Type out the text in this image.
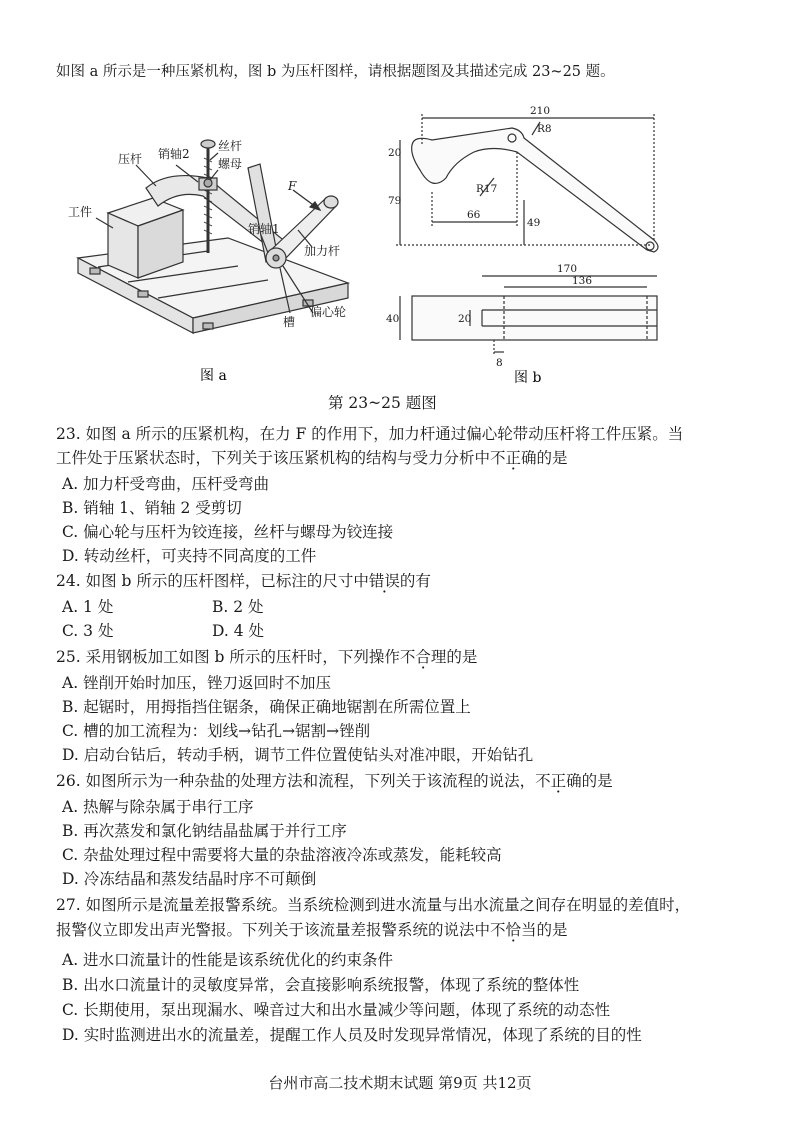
如图 a 所示是一种压紧机构，图 b 为压杆图样，请根据题图及其描述完成 23~25 题。
压杆 销轴2
丝杆
螺母
F
工件
销轴1
加力杆
槽
偏心轮
图 a
210
R8
20
79
R17
66
49
170
136
40	20
8
图 b
第 23~25 题图
23. 如图 a 所示的压紧机构，在力 F 的作用下，加力杆通过偏心轮带动压杆将工件压紧。当
工件处于压紧状态时，下列关于该压紧机构的结构与受力分析中不正确的是
A. 加力杆受弯曲，压杆受弯曲
B. 销轴 1、销轴 2 受剪切
C. 偏心轮与压杆为铰连接，丝杆与螺母为铰连接
D. 转动丝杆，可夹持不同高度的工件
24. 如图 b 所示的压杆图样，已标注的尺寸中错误的有
A. 1 处	B. 2 处
C. 3 处	D. 4 处
25. 采用钢板加工如图 b 所示的压杆时，下列操作不合理的是
A. 锉削开始时加压，锉刀返回时不加压
B. 起锯时，用拇指挡住锯条，确保正确地锯割在所需位置上
C. 槽的加工流程为：划线→钻孔→锯割→锉削
D. 启动台钻后，转动手柄，调节工件位置使钻头对准冲眼，开始钻孔
26. 如图所示为一种杂盐的处理方法和流程，下列关于该流程的说法，不正确的是
A. 热解与除杂属于串行工序
B. 再次蒸发和氯化钠结晶盐属于并行工序
C. 杂盐处理过程中需要将大量的杂盐溶液冷冻或蒸发，能耗较高
D. 冷冻结晶和蒸发结晶时序不可颠倒
27. 如图所示是流量差报警系统。当系统检测到进水流量与出水流量之间存在明显的差值时，
报警仪立即发出声光警报。下列关于该流量差报警系统的说法中不恰当的是
A. 进水口流量计的性能是该系统优化的约束条件
B. 出水口流量计的灵敏度异常，会直接影响系统报警，体现了系统的整体性
C. 长期使用，泵出现漏水、噪音过大和出水量减少等问题，体现了系统的动态性
D. 实时监测进出水的流量差，提醒工作人员及时发现异常情况，体现了系统的目的性
台州市高二技术期末试题 第9页 共12页
